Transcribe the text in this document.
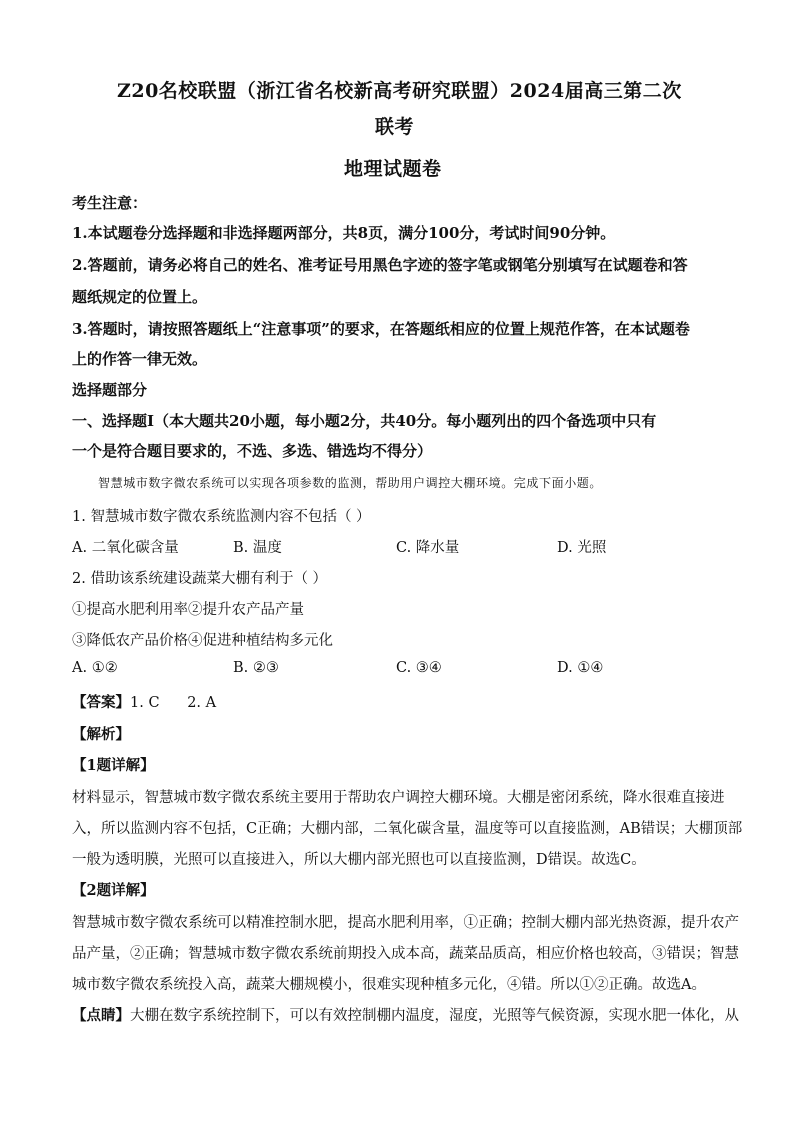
Z20名校联盟（浙江省名校新高考研究联盟）2024届高三第二次
联考
地理试题卷
考生注意：
1.本试题卷分选择题和非选择题两部分，共8页，满分100分，考试时间90分钟。
2.答题前，请务必将自己的姓名、准考证号用黑色字迹的签字笔或钢笔分别填写在试题卷和答
题纸规定的位置上。
3.答题时，请按照答题纸上“注意事项”的要求，在答题纸相应的位置上规范作答，在本试题卷
上的作答一律无效。
选择题部分
一、选择题Ⅰ（本大题共20小题，每小题2分，共40分。每小题列出的四个备选项中只有
一个是符合题目要求的，不选、多选、错选均不得分）
智慧城市数字微农系统可以实现各项参数的监测，帮助用户调控大棚环境。完成下面小题。
1. 智慧城市数字微农系统监测内容不包括（ ）
A. 二氧化碳含量	B. 温度	C. 降水量	D. 光照
2. 借助该系统建设蔬菜大棚有利于（ ）
①提高水肥利用率②提升农产品产量
③降低农产品价格④促进种植结构多元化
A. ①②	B. ②③	C. ③④	D. ①④
【答案】1. C      2. A
【解析】
【1题详解】
材料显示，智慧城市数字微农系统主要用于帮助农户调控大棚环境。大棚是密闭系统，降水很难直接进
入，所以监测内容不包括，C正确；大棚内部，二氧化碳含量，温度等可以直接监测，AB错误；大棚顶部
一般为透明膜，光照可以直接进入，所以大棚内部光照也可以直接监测，D错误。故选C。
【2题详解】
智慧城市数字微农系统可以精准控制水肥，提高水肥利用率，①正确；控制大棚内部光热资源，提升农产
品产量，②正确；智慧城市数字微农系统前期投入成本高，蔬菜品质高，相应价格也较高，③错误；智慧
城市数字微农系统投入高，蔬菜大棚规模小，很难实现种植多元化，④错。所以①②正确。故选A。
【点睛】大棚在数字系统控制下，可以有效控制棚内温度，湿度，光照等气候资源，实现水肥一体化，从
